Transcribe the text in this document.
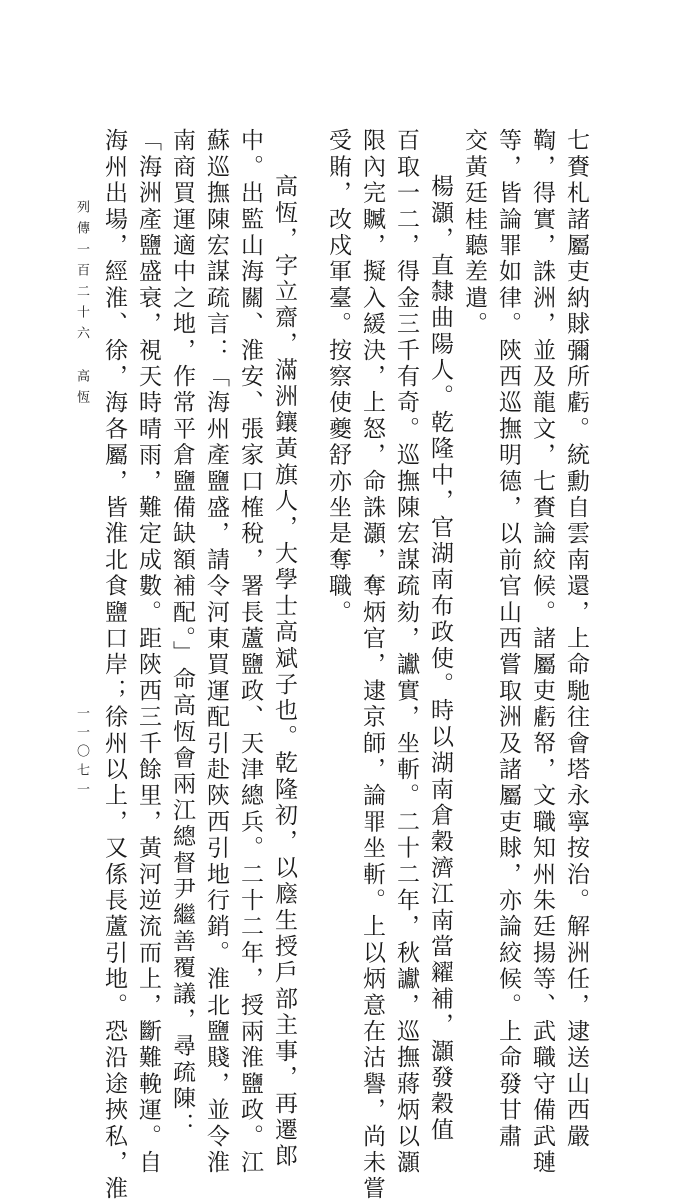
七賚札諸屬吏納賕彌所虧。統勳自雲南還，上命馳往會塔永寧按治。解洲任，逮送山西嚴
鞫，得實，誅洲，並及龍文，七賚論絞候。諸屬吏虧帑，文職知州朱廷揚等、武職守備武璉
等，皆論罪如律。陝西巡撫明德，以前官山西嘗取洲及諸屬吏賕，亦論絞候。上命發甘肅
交黃廷桂聽差遣。
楊灝，直隸曲陽人。乾隆中，官湖南布政使。時以湖南倉穀濟江南當糴補，灝發穀值
百取一二，得金三千有奇。巡撫陳宏謀疏劾，讞實，坐斬。二十二年，秋讞，巡撫蔣炳以灝
限內完贓，擬入緩決，上怒，命誅灝，奪炳官，逮京師，論罪坐斬。上以炳意在沽譽，尚未嘗
受賄，改戍軍臺。按察使夔舒亦坐是奪職。
高恆，字立齋，滿洲鑲黃旗人，大學士高斌子也。乾隆初，以廕生授戶部主事，再遷郎
中。出監山海關、淮安、張家口榷稅，署長蘆鹽政、天津總兵。二十二年，授兩淮鹽政。江
蘇巡撫陳宏謀疏言：「海州產鹽盛，請令河東買運配引赴陝西引地行銷。淮北鹽賤，並令淮
南商買運適中之地，作常平倉鹽備缺額補配。」命高恆會兩江總督尹繼善覆議，尋疏陳：
「海洲產鹽盛衰，視天時晴雨，難定成數。距陝西三千餘里，黃河逆流而上，斷難輓運。自
海州出場，經淮、徐，海各屬，皆淮北食鹽口岸；徐州以上，又係長蘆引地。恐沿途挾私，淮
列傳一百二十六高恆
一一〇七一
